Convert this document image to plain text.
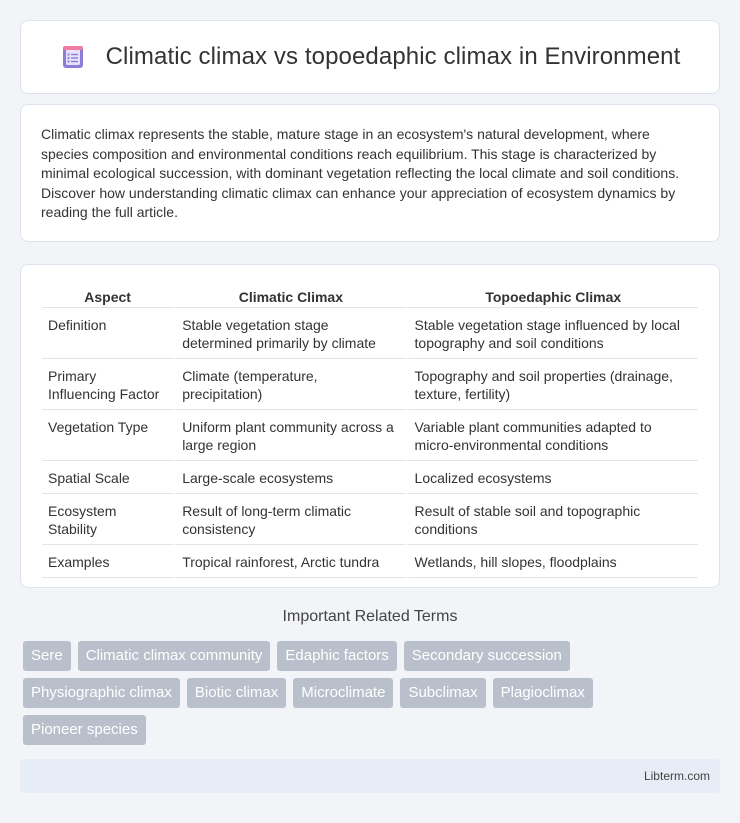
Climatic climax vs topoedaphic climax in Environment

Climatic climax represents the stable, mature stage in an ecosystem's natural development, where species composition and environmental conditions reach equilibrium. This stage is characterized by minimal ecological succession, with dominant vegetation reflecting the local climate and soil conditions. Discover how understanding climatic climax can enhance your appreciation of ecosystem dynamics by reading the full article.

Aspect	Climatic Climax	Topoedaphic Climax
Definition	Stable vegetation stage determined primarily by climate	Stable vegetation stage influenced by local topography and soil conditions
Primary Influencing Factor	Climate (temperature, precipitation)	Topography and soil properties (drainage, texture, fertility)
Vegetation Type	Uniform plant community across a large region	Variable plant communities adapted to micro-environmental conditions
Spatial Scale	Large-scale ecosystems	Localized ecosystems
Ecosystem Stability	Result of long-term climatic consistency	Result of stable soil and topographic conditions
Examples	Tropical rainforest, Arctic tundra	Wetlands, hill slopes, floodplains
Important Related Terms
Sere	Climatic climax community	Edaphic factors	Secondary succession
Physiographic climax	Biotic climax	Microclimate	Subclimax	Plagioclimax
Pioneer species
Libterm.com
